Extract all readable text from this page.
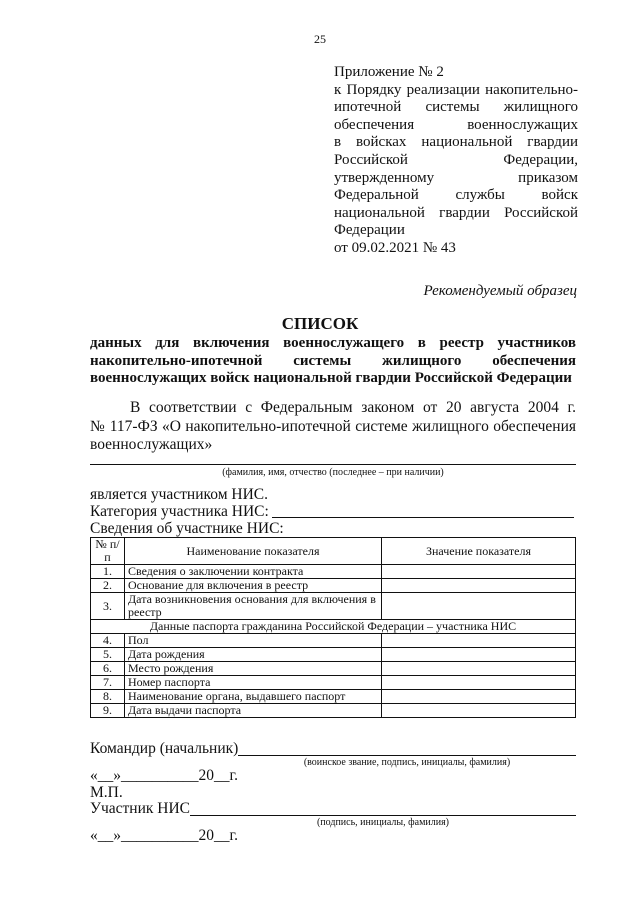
25
Приложение № 2
к Порядку реализации накопительно-
ипотечной системы жилищного
обеспечения военнослужащих
в войсках национальной гвардии
Российской Федерации,
утвержденному приказом
Федеральной службы войск
национальной гвардии Российской
Федерации
от 09.02.2021 № 43
Рекомендуемый образец
СПИСОК
данных для включения военнослужащего в реестр участников
накопительно-ипотечной системы жилищного обеспечения
военнослужащих войск национальной гвардии Российской Федерации
В соответствии с Федеральным законом от 20 августа 2004 г.
№ 117-ФЗ «О накопительно-ипотечной системе жилищного обеспечения
военнослужащих»
(фамилия, имя, отчество (последнее – при наличии)
является участником НИС.
Категория участника НИС:
Сведения об участнике НИС:
№ п/п	Наименование показателя	Значение показателя
1.	Сведения о заключении контракта	
2.	Основание для включения в реестр	
3.	Дата возникновения основания для включения в реестр	
Данные паспорта гражданина Российской Федерации – участника НИС		
4.	Пол	
5.	Дата рождения	
6.	Место рождения	
7.	Номер паспорта	
8.	Наименование органа, выдавшего паспорт	
9.	Дата выдачи паспорта	
Командир (начальник)
(воинское звание, подпись, инициалы, фамилия)
«__»__________20__г.
М.П.
Участник НИС
(подпись, инициалы, фамилия)
«__»__________20__г.
